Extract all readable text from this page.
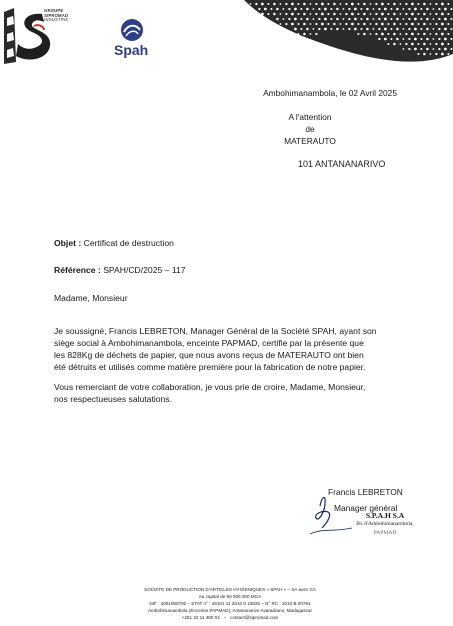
GROUPE
SIPROMAD
INDUSTRIE
Spah
Ambohimanambola, le 02 Avril 2025
A l'attention
de
MATERAUTO
101 ANTANANARIVO
Objet : Certificat de destruction
Référence : SPAH/CD/2025 – 117
Madame, Monsieur
Je soussigné, Francis LEBRETON, Manager Général de la Société SPAH, ayant son
siège social à Ambohimanambola, enceinte PAPMAD, certifie par la présente que
les 828Kg de déchets de papier, que nous avons reçus de MATERAUTO ont bien
été détruits et utilisés comme matière première pour la fabrication de notre papier.
Vous remerciant de votre collaboration, je vous prie de croire, Madame, Monsieur,
nos respectueuses salutations.
Francis LEBRETON
Manager général
S.P.A.H S.A
Bx d'Ambohimanambola,
PAPMAD
SOCIETE DE PRODUCTION D'ARTICLES HYGIENIQUES « SPAH » – SA avec CA
Au capital de 50 000 000 MGA
NIF : 4001080792 – STAT n° : 46101 11 2010 0 10825 – N° RC : 2010 B 00781
Ambohimanambola (Enceinte PAPMAD), Antananarivo Avaradrano, Madagascar
+261 32 11 480 04 – contact@sipromad.com
